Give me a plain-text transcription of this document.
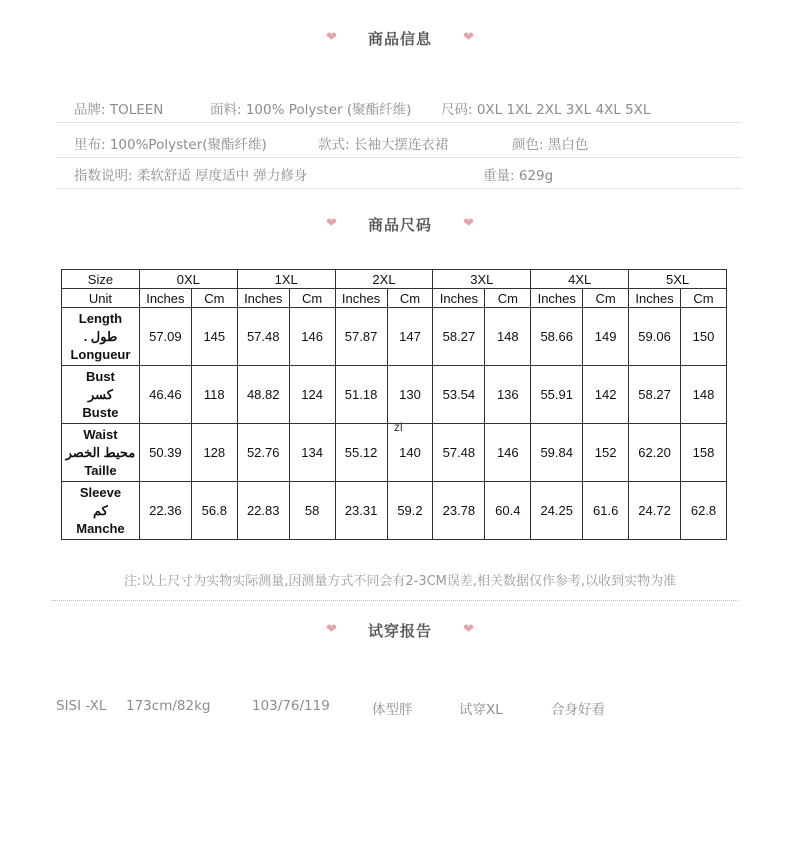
❤ 商品信息 ❤
品牌: TOLEEN	面料: 100% Polyster (聚酯纤维) 尺码: 0XL 1XL 2XL 3XL 4XL 5XL
里布: 100%Polyster(聚酯纤维)	款式: 长袖大摆连衣裙	颜色: 黑白色
指数说明: 柔软舒适 厚度适中 弹力修身	重量: 629g
❤ 商品尺码 ❤
Size	0XL		1XL		2XL		3XL		4XL		5XL	
Unit	Inches	Cm	Inches	Cm	Inches	Cm	Inches	Cm	Inches	Cm	Inches	Cm

Length
طول .
Longueur	57.09	145	57.48	146	57.87	147	58.27	148	58.66	149	59.06	150

Bust
كسر
Buste	46.46	118	48.82	124	51.18	130	53.54	136	55.91	142	58.27	148

Waist
محيط الخصر
Taille	50.39	128	52.76	134	55.12	140	57.48	146	59.84	152	62.20	158

Sleeve
كم
Manche	22.36	56.8	22.83	58	23.31	59.2	23.78	60.4	24.25	61.6	24.72	62.8
zl
注:以上尺寸为实物实际测量,因测量方式不同会有2-3CM误差,相关数据仅作参考,以收到实物为准
❤ 试穿报告 ❤
SISI -XL 173cm/82kg	103/76/119	体型胖	试穿XL	合身好看
